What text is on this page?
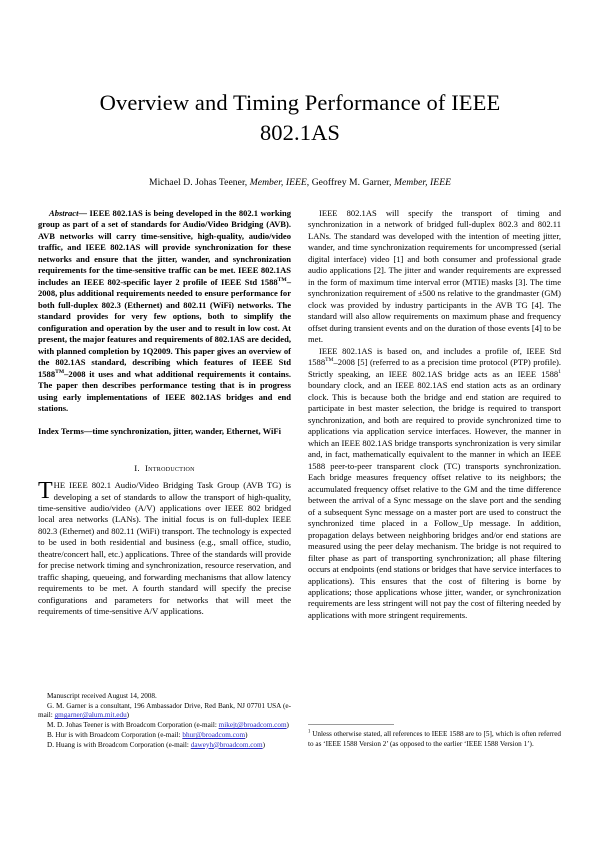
Overview and Timing Performance of IEEE 802.1AS
Michael D. Johas Teener, Member, IEEE, Geoffrey M. Garner, Member, IEEE

Abstract— IEEE 802.1AS is being developed in the 802.1 working group as part of a set of standards for Audio/Video Bridging (AVB). AVB networks will carry time-sensitive, high-quality, audio/video traffic, and IEEE 802.1AS will provide synchronization for these networks and ensure that the jitter, wander, and synchronization requirements for the time-sensitive traffic can be met. IEEE 802.1AS includes an IEEE 802-specific layer 2 profile of IEEE Std 1588™–2008, plus additional requirements needed to ensure performance for both full-duplex 802.3 (Ethernet) and 802.11 (WiFi) networks. The standard provides for very few options, both to simplify the configuration and operation by the user and to result in low cost. At present, the major features and requirements of 802.1AS are decided, with planned completion by 1Q2009. This paper gives an overview of the 802.1AS standard, describing which features of IEEE Std 1588™–2008 it uses and what additional requirements it contains. The paper then describes performance testing that is in progress using early implementations of IEEE 802.1AS bridges and end stations.

Index Terms—time synchronization, jitter, wander, Ethernet, WiFi

I. Introduction

THE IEEE 802.1 Audio/Video Bridging Task Group (AVB TG) is developing a set of standards to allow the transport of high-quality, time-sensitive audio/video (A/V) applications over IEEE 802 bridged local area networks (LANs). The initial focus is on full-duplex IEEE 802.3 (Ethernet) and 802.11 (WiFi) transport. The technology is expected to be used in both residential and business (e.g., small office, studio, theatre/concert hall, etc.) applications. Three of the standards will provide for precise network timing and synchronization, resource reservation, and traffic shaping, queueing, and forwarding mechanisms that allow latency requirements to be met. A fourth standard will specify the precise configurations and parameters for networks that will meet the requirements of time-sensitive A/V applications.

Manuscript received August 14, 2008.

G. M. Garner is a consultant, 196 Ambassador Drive, Red Bank, NJ 07701 USA (e-mail: gmgarner@alum.mit.edu)

M. D. Johas Teener is with Broadcom Corporation (e-mail: mikejt@broadcom.com)

B. Hur is with Broadcom Corporation (e-mail: bhur@broadcom.com)

D. Huang is with Broadcom Corporation (e-mail: daweyh@broadcom.com)

IEEE 802.1AS will specify the transport of timing and synchronization in a network of bridged full-duplex 802.3 and 802.11 LANs. The standard was developed with the intention of meeting jitter, wander, and time synchronization requirements for uncompressed (serial digital interface) video [1] and both consumer and professional grade audio applications [2]. The jitter and wander requirements are expressed in the form of maximum time interval error (MTIE) masks [3]. The time synchronization requirement of ±500 ns relative to the grandmaster (GM) clock was provided by industry participants in the AVB TG [4]. The standard will also allow requirements on maximum phase and frequency offset during transient events and on the duration of those events [4] to be met.

IEEE 802.1AS is based on, and includes a profile of, IEEE Std 1588™–2008 [5] (referred to as a precision time protocol (PTP) profile). Strictly speaking, an IEEE 802.1AS bridge acts as an IEEE 1588$^1$ boundary clock, and an IEEE 802.1AS end station acts as an ordinary clock. This is because both the bridge and end station are required to participate in best master selection, the bridge is required to transport synchronization, and both are required to provide synchronized time to applications via application service interfaces. However, the manner in which an IEEE 802.1AS bridge transports synchronization is very similar and, in fact, mathematically equivalent to the manner in which an IEEE 1588 peer-to-peer transparent clock (TC) transports synchronization. Each bridge measures frequency offset relative to its neighbors; the accumulated frequency offset relative to the GM and the time difference between the arrival of a Sync message on the slave port and the sending of a subsequent Sync message on a master port are used to construct the synchronized time placed in a Follow_Up message. In addition, propagation delays between neighboring bridges and/or end stations are measured using the peer delay mechanism. The bridge is not required to filter phase as part of transporting synchronization; all phase filtering occurs at endpoints (end stations or bridges that have service interfaces to applications). This ensures that the cost of filtering is borne by applications; those applications whose jitter, wander, or synchronization requirements are less stringent will not pay the cost of filtering needed by applications with more stringent requirements.

$^1$ Unless otherwise stated, all references to IEEE 1588 are to [5], which is often referred to as ‘IEEE 1588 Version 2’ (as opposed to the earlier ‘IEEE 1588 Version 1’).
